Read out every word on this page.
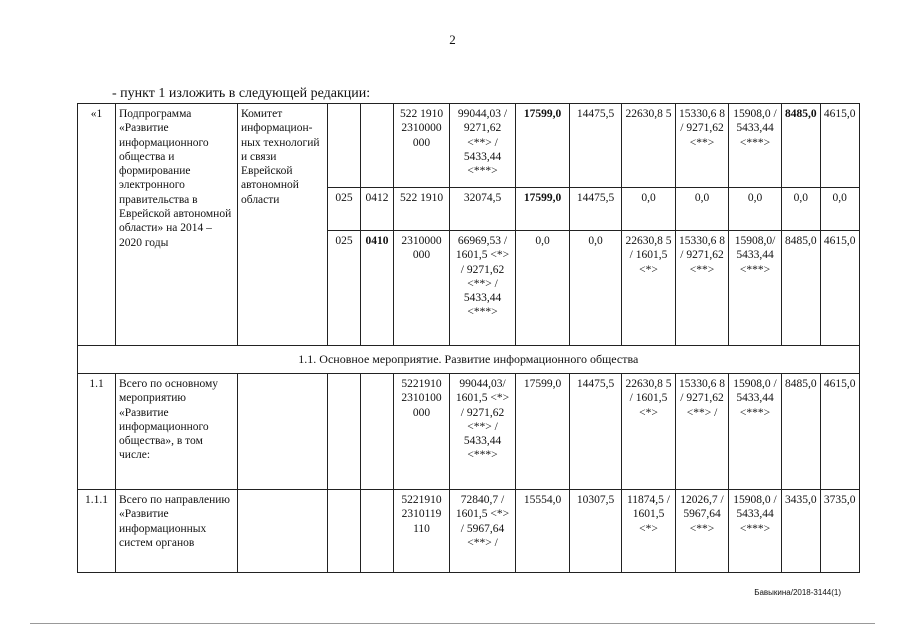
2
- пункт 1 изложить в следующей редакции:
«1	Подпрограмма «Развитие информационного общества и формирование электронного правительства в Еврейской автономной области» на 2014 – 2020 годы	Комитет информацион-ных технологий и связи Еврейской автономной области			522 1910 2310000 000	99044,03 / 9271,62 <**> / 5433,44 <***>	17599,0	14475,5	22630,8 5	15330,6 8 / 9271,62 <**>	15908,0 / 5433,44 <***>	8485,0	4615,0
			025	0412	522 1910	32074,5	17599,0	14475,5	0,0	0,0	0,0	0,0	0,0
			025	0410	2310000 000	66969,53 / 1601,5 <*> / 9271,62 <**> / 5433,44 <***>	0,0	0,0	22630,8 5 / 1601,5 <*>	15330,6 8 / 9271,62 <**>	15908,0/ 5433,44 <***>	8485,0	4615,0
1.1. Основное мероприятие. Развитие информационного общества													
1.1	Всего по основному мероприятию «Развитие информационного общества», в том числе:				5221910 2310100 000	99044,03/ 1601,5 <*> / 9271,62 <**> / 5433,44 <***>	17599,0	14475,5	22630,8 5 / 1601,5 <*>	15330,6 8 / 9271,62 <**> /	15908,0 / 5433,44 <***>	8485,0	4615,0
1.1.1	Всего по направлению «Развитие информационных систем органов				5221910 2310119 110	72840,7 / 1601,5 <*> / 5967,64 <**> /	15554,0	10307,5	11874,5 / 1601,5 <*>	12026,7 / 5967,64 <**>	15908,0 / 5433,44 <***>	3435,0	3735,0
Бавыкина/2018-3144(1)
